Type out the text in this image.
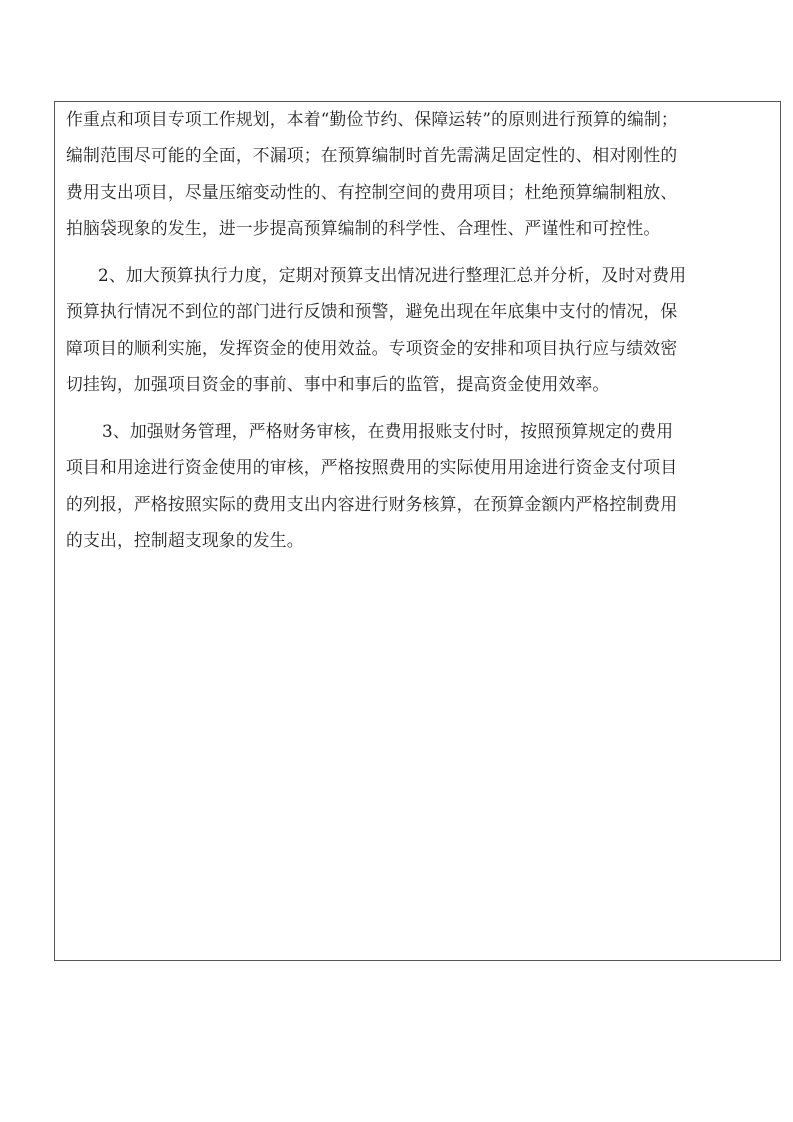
作重点和项目专项工作规划，本着“勤俭节约、保障运转”的原则进行预算的编制；
编制范围尽可能的全面，不漏项；在预算编制时首先需满足固定性的、相对刚性的
费用支出项目，尽量压缩变动性的、有控制空间的费用项目；杜绝预算编制粗放、
拍脑袋现象的发生，进一步提高预算编制的科学性、合理性、严谨性和可控性。
2、加大预算执行力度，定期对预算支出情况进行整理汇总并分析，及时对费用
预算执行情况不到位的部门进行反馈和预警，避免出现在年底集中支付的情况，保
障项目的顺利实施，发挥资金的使用效益。专项资金的安排和项目执行应与绩效密
切挂钩，加强项目资金的事前、事中和事后的监管，提高资金使用效率。
3、加强财务管理，严格财务审核，在费用报账支付时，按照预算规定的费用
项目和用途进行资金使用的审核，严格按照费用的实际使用用途进行资金支付项目
的列报，严格按照实际的费用支出内容进行财务核算，在预算金额内严格控制费用
的支出，控制超支现象的发生。
